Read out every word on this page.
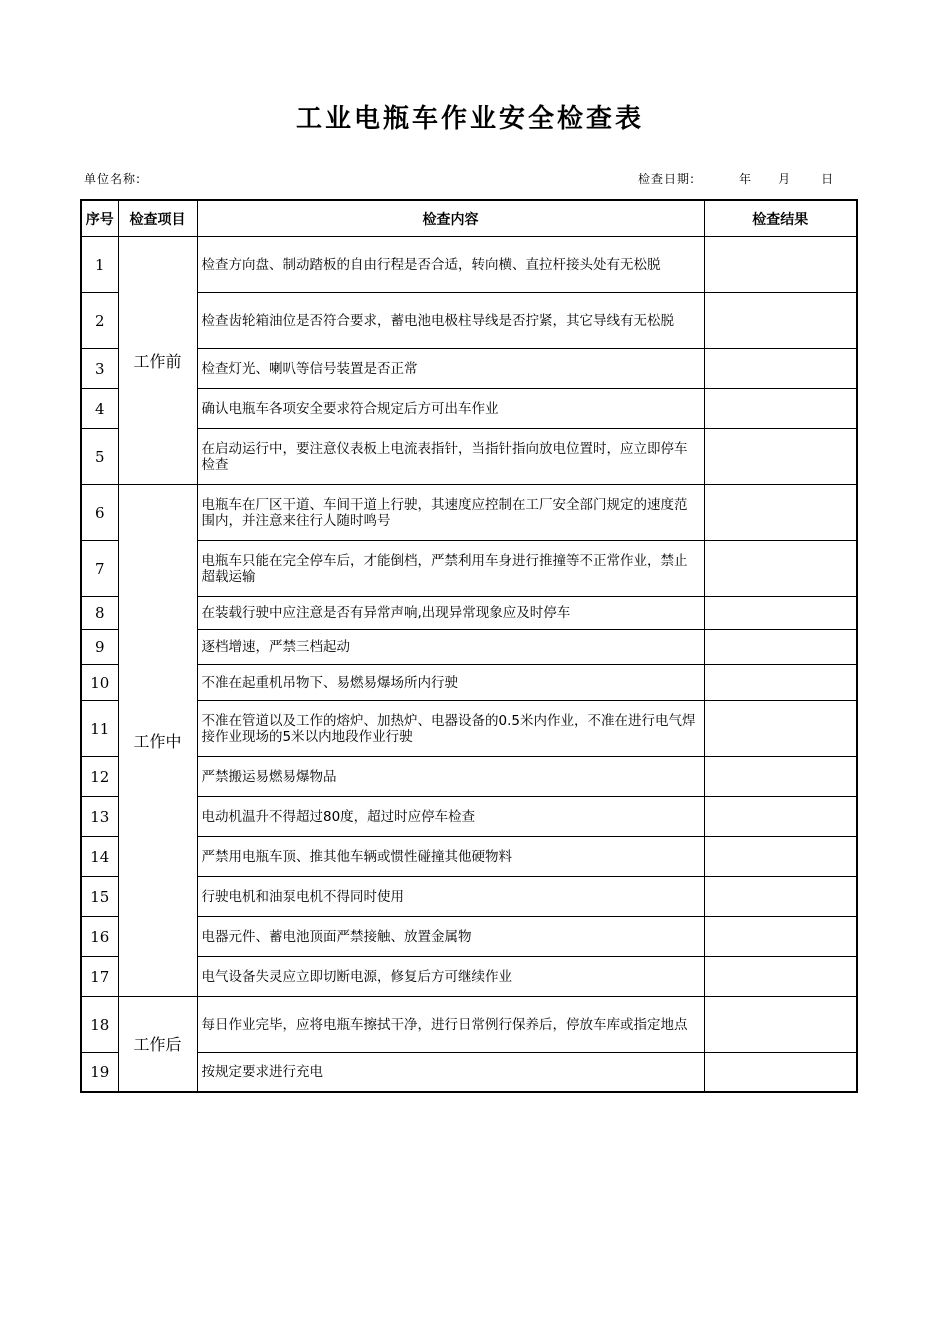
工业电瓶车作业安全检查表
单位名称:	检查日期:	年 月	日
序号	检查项目	检查内容	检查结果
1	工作前	检查方向盘、制动踏板的自由行程是否合适，转向横、直拉杆接头处有无松脱	
2		检查齿轮箱油位是否符合要求，蓄电池电极柱导线是否拧紧，其它导线有无松脱	
3		检查灯光、喇叭等信号装置是否正常	
4		确认电瓶车各项安全要求符合规定后方可出车作业	
5		在启动运行中，要注意仪表板上电流表指针，当指针指向放电位置时，应立即停车检查	
6	工作中	电瓶车在厂区干道、车间干道上行驶，其速度应控制在工厂安全部门规定的速度范围内，并注意来往行人随时鸣号	
7		电瓶车只能在完全停车后，才能倒档，严禁利用车身进行推撞等不正常作业，禁止超载运输	
8		在装载行驶中应注意是否有异常声响,出现异常现象应及时停车	
9		逐档增速，严禁三档起动	
10		不准在起重机吊物下、易燃易爆场所内行驶	
11		不准在管道以及工作的熔炉、加热炉、电器设备的0.5米内作业，不准在进行电气焊接作业现场的5米以内地段作业行驶	
12		严禁搬运易燃易爆物品	
13		电动机温升不得超过80度，超过时应停车检查	
14		严禁用电瓶车顶、推其他车辆或惯性碰撞其他硬物料	
15		行驶电机和油泵电机不得同时使用	
16		电器元件、蓄电池顶面严禁接触、放置金属物	
17		电气设备失灵应立即切断电源，修复后方可继续作业	
18	工作后	每日作业完毕，应将电瓶车擦拭干净，进行日常例行保养后，停放车库或指定地点	
19		按规定要求进行充电	
